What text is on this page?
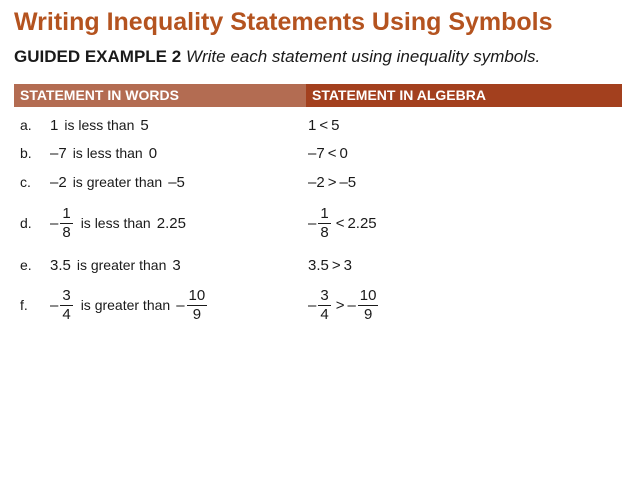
Writing Inequality Statements Using Symbols
GUIDED EXAMPLE 2 Write each statement using inequality symbols.
STATEMENT IN WORDS	STATEMENT IN ALGEBRA
a. 1 is less than 5	1 < 5
b. –7 is less than 0	–7 < 0
c. –2 is greater than –5	–2 > –5
d. – $\frac{1}{8}$ is less than 2.25	– $\frac{1}{8} < 2.25$
e. 3.5 is greater than 3	3.5 > 3
f. – $\frac{3}{4}$ is greater than – $\frac{10}{9}$	– $\frac{3}{4}$ > – $\frac{10}{9}$
